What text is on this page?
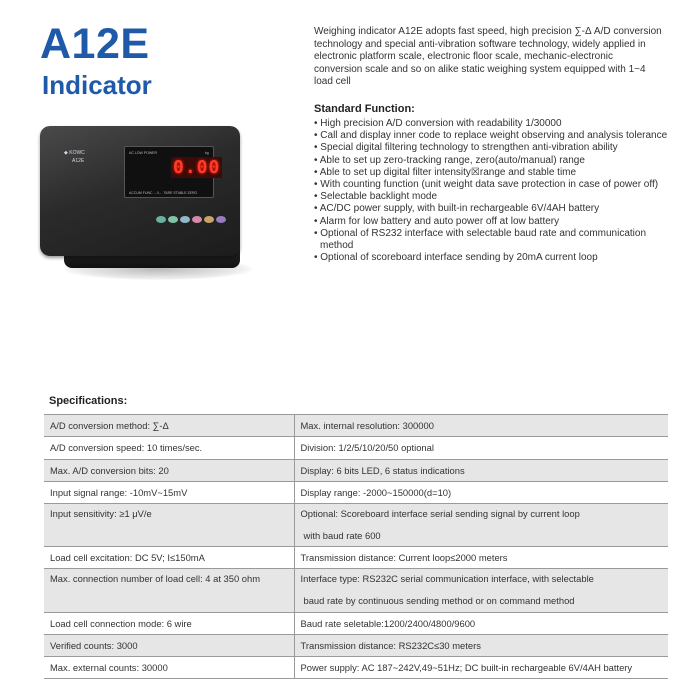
A12E
Indicator

Weighing indicator A12E adopts fast speed, high precision ∑-Δ A/D conversion technology and special anti-vibration software technology, widely applied in electronic platform scale, electronic floor scale, mechanic-electronic conversion scale and so on alike static weighing system equipped with 1~4 load cell

Standard Function:
• High precision A/D conversion with readability 1/30000
• Call and display inner code to replace weight observing and analysis tolerance
• Special digital filtering technology to strengthen anti-vibration ability
• Able to set up zero-tracking range, zero(auto/manual) range
• Able to set up digital filter intensity☒range and stable time
• With counting function (unit weight data save protection in case of power off)
• Selectable backlight mode
• AC/DC power supply, with built-in rechargeable 6V/4AH battery
• Alarm for low battery and auto power off at low battery
• Optional of RS232 interface with selectable baud rate and communication method
• Optional of scoreboard interface sending by 20mA current loop
◆ KOWC
A12E
AC LOW POWER	kg
0.00
ACCUM FUNC →0← TARE STABLE ZERO
Specifications:
A/D conversion method: ∑-Δ	Max. internal resolution: 300000
A/D conversion speed: 10 times/sec.	Division: 1/2/5/10/20/50 optional
Max. A/D conversion bits: 20	Display: 6 bits LED, 6 status indications
Input signal range: -10mV~15mV	Display range: -2000~150000(d=10)
Input sensitivity: ≥1 μV/e	Optional: Scoreboard interface serial sending signal by current loop
with baud rate 600

Load cell excitation: DC 5V; I≤150mA	Transmission distance: Current loop≤2000 meters
Max. connection number of load cell: 4 at 350 ohm	Interface type: RS232C serial communication interface, with selectable
baud rate by continuous sending method or on command method

Load cell connection mode: 6 wire	Baud rate seletable:1200/2400/4800/9600
Verified counts: 3000	Transmission distance: RS232C≤30 meters
Max. external counts: 30000	Power supply: AC 187~242V,49~51Hz; DC built-in rechargeable 6V/4AH battery
